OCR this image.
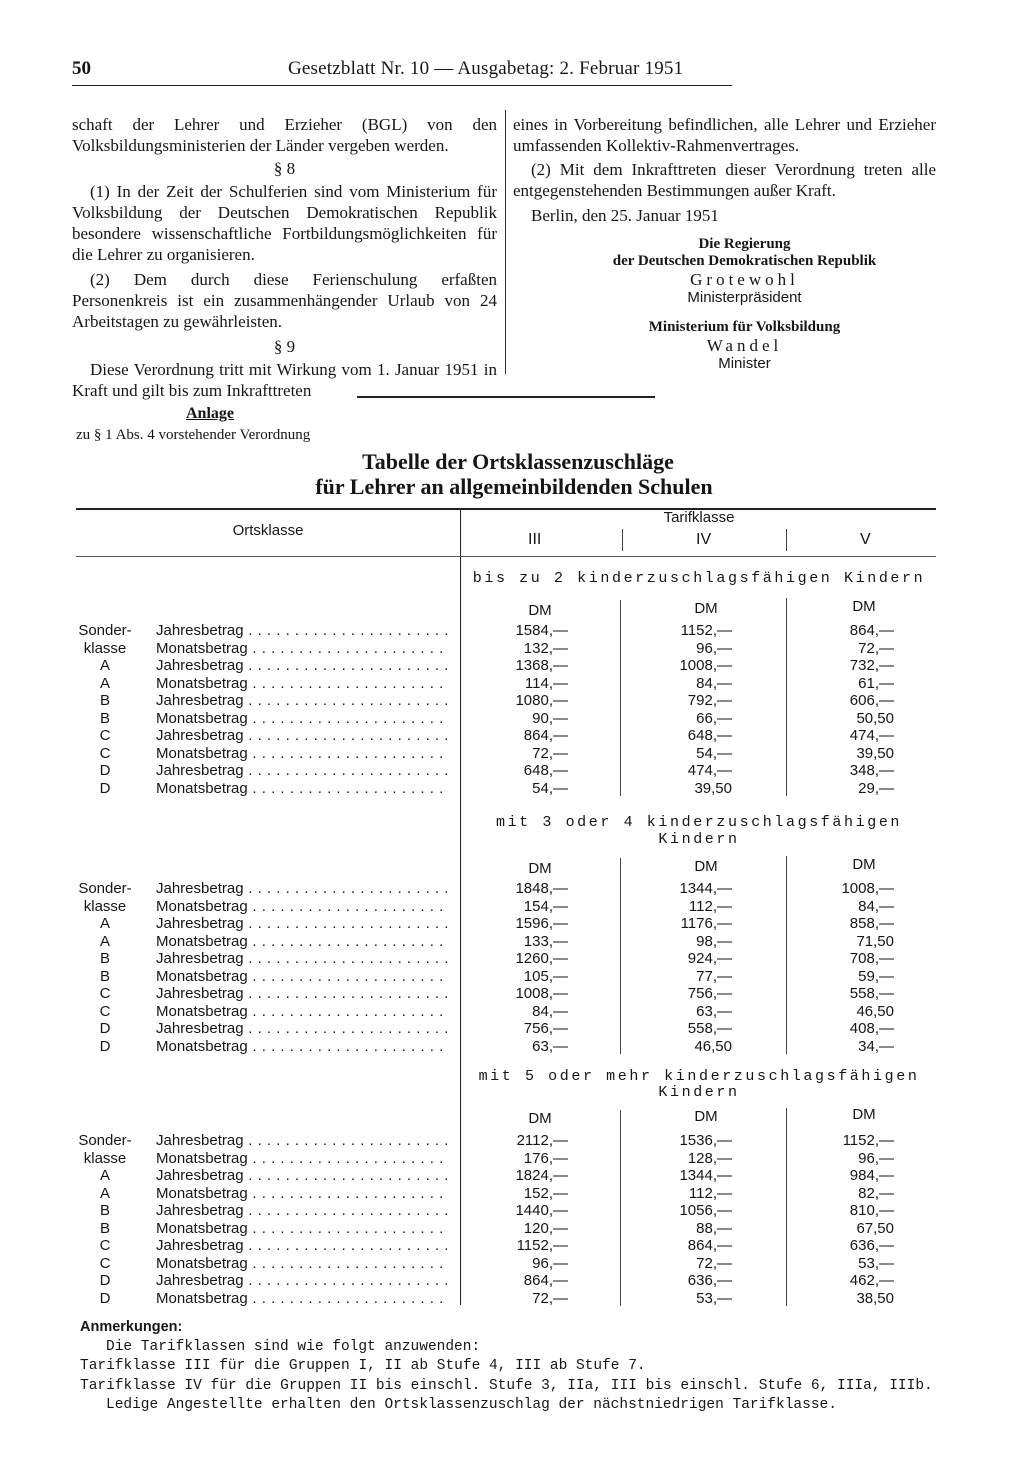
50	Gesetzblatt Nr. 10 — Ausgabetag: 2. Februar 1951

schaft der Lehrer und Erzieher (BGL) von den Volksbildungsministerien der Länder vergeben werden.

§ 8

(1) In der Zeit der Schulferien sind vom Ministerium für Volksbildung der Deutschen Demokratischen Republik besondere wissenschaftliche Fortbildungsmöglichkeiten für die Lehrer zu organisieren.

(2) Dem durch diese Ferienschulung erfaßten Personenkreis ist ein zusammenhängender Urlaub von 24 Arbeitstagen zu gewährleisten.

§ 9

Diese Verordnung tritt mit Wirkung vom 1. Januar 1951 in Kraft und gilt bis zum Inkrafttreten

eines in Vorbereitung befindlichen, alle Lehrer und Erzieher umfassenden Kollektiv-Rahmenvertrages.

(2) Mit dem Inkrafttreten dieser Verordnung treten alle entgegenstehenden Bestimmungen außer Kraft.

Berlin, den 25. Januar 1951

Die Regierung
der Deutschen Demokratischen Republik
Grotewohl
Ministerpräsident
Ministerium für Volksbildung
Wandel
Minister
Anlage
zu § 1 Abs. 4 vorstehender Verordnung
Tabelle der Ortsklassenzuschläge
für Lehrer an allgemeinbildenden Schulen
Ortsklasse
Tarifklasse
III	IV	V
bis zu 2 kinderzuschlagsfähigen Kindern
DM	DM	DM
Sonder- Jahresbetrag . . .	1584,—	1152,—	864,—
klasse	Monatsbetrag . . .	132,—	96,—	72,—
A	Jahresbetrag . . .	1368,—	1008,—	732,—
A	Monatsbetrag . . .	114,—	84,—	61,—
B	Jahresbetrag . . .	1080,—	792,—	606,—
B	Monatsbetrag . . .	90,—	66,—	50,50
C	Jahresbetrag . . .	864,—	648,—	474,—
C	Monatsbetrag . . .	72,—	54,—	39,50
D	Jahresbetrag . . .	648,—	474,—	348,—
D	Monatsbetrag . . .	54,—	39,50	29,—
mit 3 oder 4 kinderzuschlagsfähigen
Kindern
DM	DM	DM
Sonder- Jahresbetrag . . .	1848,—	1344,—	1008,—
klasse	Monatsbetrag . . .	154,—	112,—	84,—
A	Jahresbetrag . . .	1596,—	1176,—	858,—
A	Monatsbetrag . . .	133,—	98,—	71,50
B	Jahresbetrag . . .	1260,—	924,—	708,—
B	Monatsbetrag . . .	105,—	77,—	59,—
C	Jahresbetrag . . .	1008,—	756,—	558,—
C	Monatsbetrag . . .	84,—	63,—	46,50
D	Jahresbetrag . . .	756,—	558,—	408,—
D	Monatsbetrag . . .	63,—	46,50	34,—
mit 5 oder mehr kinderzuschlagsfähigen
Kindern
DM	DM	DM
Sonder- Jahresbetrag . . .	2112,—	1536,—	1152,—
klasse	Monatsbetrag . . .	176,—	128,—	96,—
A	Jahresbetrag . . .	1824,—	1344,—	984,—
A	Monatsbetrag . . .	152,—	112,—	82,—
B	Jahresbetrag . . .	1440,—	1056,—	810,—
B	Monatsbetrag . . .	120,—	88,—	67,50
C	Jahresbetrag . . .	1152,—	864,—	636,—
C	Monatsbetrag . . .	96,—	72,—	53,—
D	Jahresbetrag . . .	864,—	636,—	462,—
D	Monatsbetrag . . .	72,—	53,—	38,50

Anmerkungen:

Die Tarifklassen sind wie folgt anzuwenden:

Tarifklasse III für die Gruppen I, II ab Stufe 4, III ab Stufe 7.

Tarifklasse IV für die Gruppen II bis einschl. Stufe 3, IIa, III bis einschl. Stufe 6, IIIa, IIIb.

Ledige Angestellte erhalten den Ortsklassenzuschlag der nächstniedrigen Tarifklasse.
